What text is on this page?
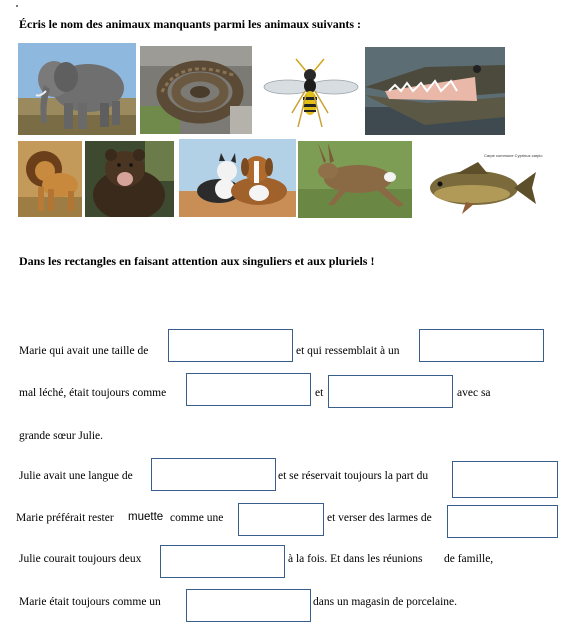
Écris le nom des animaux manquants parmi les animaux suivants :
Carpe commune Cyprinus carpio
Dans les rectangles en faisant attention aux singuliers et aux pluriels !
Marie qui avait une taille de	et qui ressemblait à un
mal léché, était toujours comme	et	avec sa
grande sœur Julie.
Julie avait une langue de	et se réservait toujours la part du
Marie préférait rester muette comme une	et verser des larmes de
Julie courait toujours deux	à la fois. Et dans les réunions de famille,
Marie était toujours comme un	dans un magasin de porcelaine.
